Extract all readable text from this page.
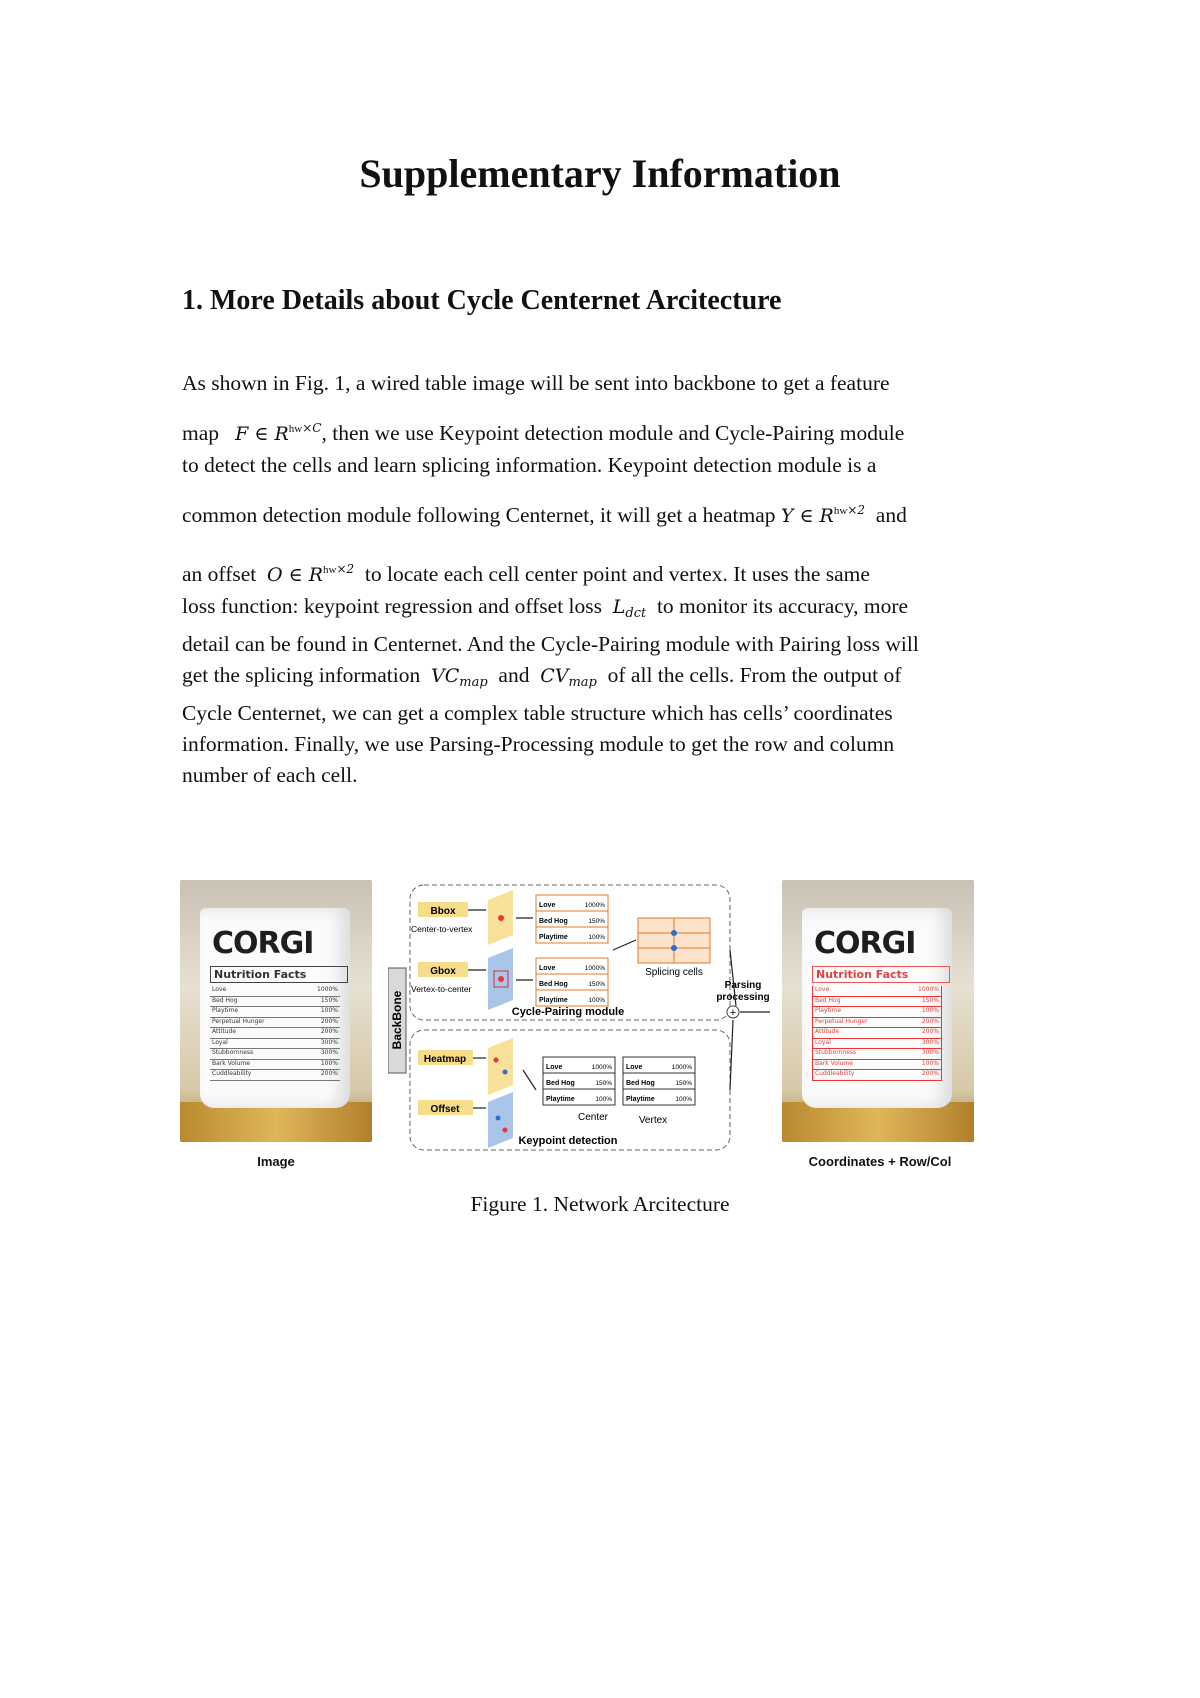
Supplementary Information
1. More Details about Cycle Centernet Arcitecture
As shown in Fig. 1, a wired table image will be sent into backbone to get a feature
map F ∈ R h w $^{\times C}$, then we use Keypoint detection module and Cycle-Pairing module
to detect the cells and learn splicing information. Keypoint detection module is a
common detection module following Centernet, it will get a heatmap Y ∈ R h w $^{\times 2}$ and
an offset O ∈ R h w $^{\times 2}$ to locate each cell center point and vertex. It uses the same
loss function: keypoint regression and offset loss $L_{dct}$ to monitor its accuracy, more
detail can be found in Centernet. And the Cycle-Pairing module with Pairing loss will
get the splicing information $VC_{map}$ and $CV_{map}$ of all the cells. From the output of
Cycle Centernet, we can get a complex table structure which has cells’ coordinates
information. Finally, we use Parsing-Processing module to get the row and column
number of each cell.
CORGI
Nutrition Facts
Love	1000%
Bed Hog	150%
Playtime	100%
Perpetual Hunger	200%
Attitude	200%
Loyal	300%
Stubbornness	300%
Bark Volume	100%
Cuddleability	200%
Image
BackBone
Bbox
Center-to-vertex
Gbox
Vertex-to-center
Love	1000%
Bed Hog	150%
Playtime	100%
Love	1000%
Bed Hog	150%
Playtime	100%
Splicing cells
Cycle-Pairing module
Parsing
processing
+
Heatmap
Offset
Love	1000%
Bed Hog	150%
Playtime	100%
Love	1000%
Bed Hog	150%
Playtime	100%
Center	Vertex
Keypoint detection
CORGI
Nutrition Facts
Love	1000%
Bed Hog	150%
Playtime	100%
Perpetual Hunger	200%
Attitude	200%
Loyal	300%
Stubbornness	300%
Bark Volume	100%
Cuddleability	200%
Coordinates + Row/Col
Figure 1. Network Arcitecture
